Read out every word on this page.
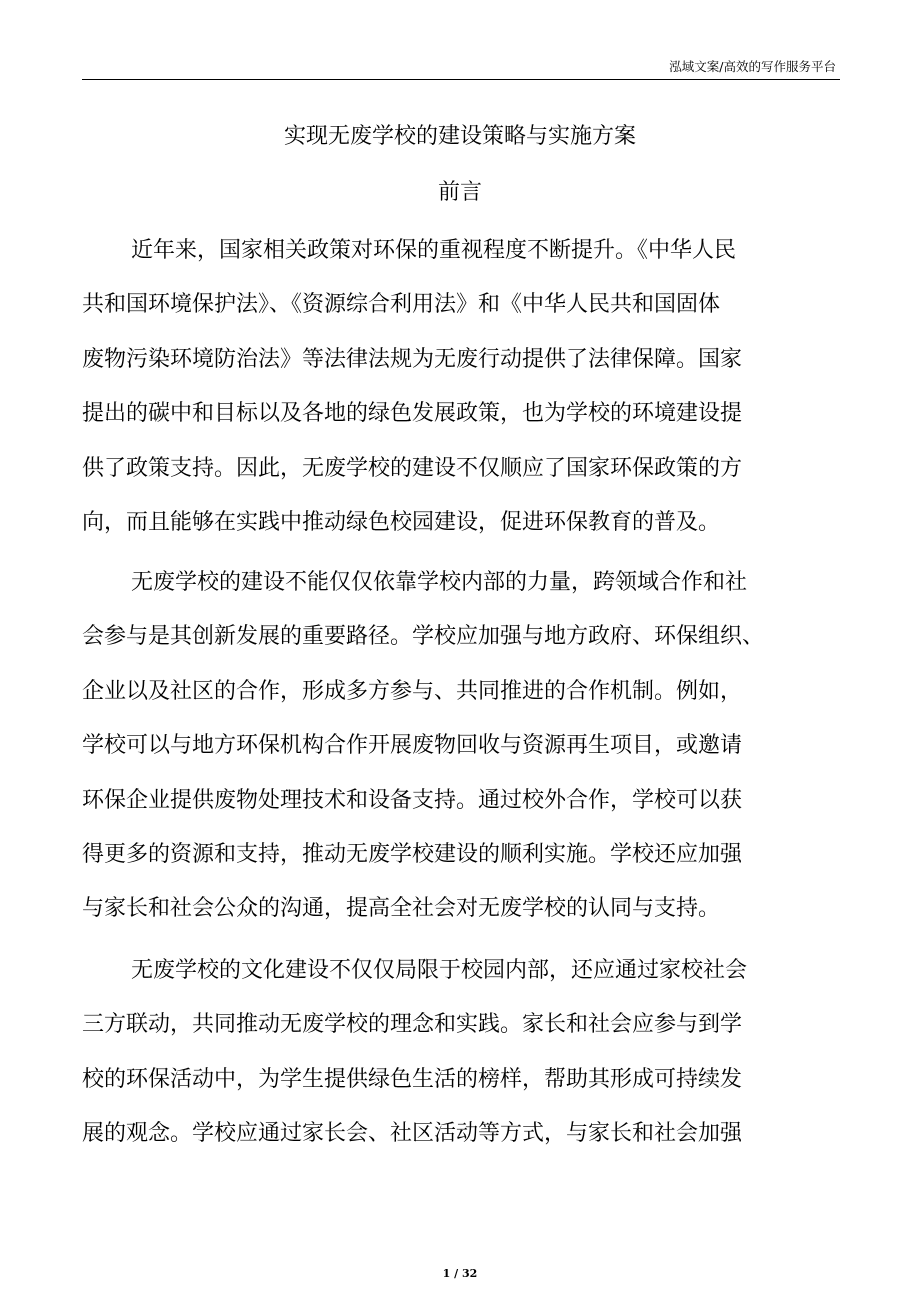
泓域文案/高效的写作服务平台
实现无废学校的建设策略与实施方案
前言
近年来，国家相关政策对环保的重视程度不断提升。《中华人民
共和国环境保护法》、《资源综合利用法》和《中华人民共和国固体
废物污染环境防治法》等法律法规为无废行动提供了法律保障。国家
提出的碳中和目标以及各地的绿色发展政策，也为学校的环境建设提
供了政策支持。因此，无废学校的建设不仅顺应了国家环保政策的方
向，而且能够在实践中推动绿色校园建设，促进环保教育的普及。
无废学校的建设不能仅仅依靠学校内部的力量，跨领域合作和社
会参与是其创新发展的重要路径。学校应加强与地方政府、环保组织、
企业以及社区的合作，形成多方参与、共同推进的合作机制。例如，
学校可以与地方环保机构合作开展废物回收与资源再生项目，或邀请
环保企业提供废物处理技术和设备支持。通过校外合作，学校可以获
得更多的资源和支持，推动无废学校建设的顺利实施。学校还应加强
与家长和社会公众的沟通，提高全社会对无废学校的认同与支持。
无废学校的文化建设不仅仅局限于校园内部，还应通过家校社会
三方联动，共同推动无废学校的理念和实践。家长和社会应参与到学
校的环保活动中，为学生提供绿色生活的榜样，帮助其形成可持续发
展的观念。学校应通过家长会、社区活动等方式，与家长和社会加强
1 / 32
